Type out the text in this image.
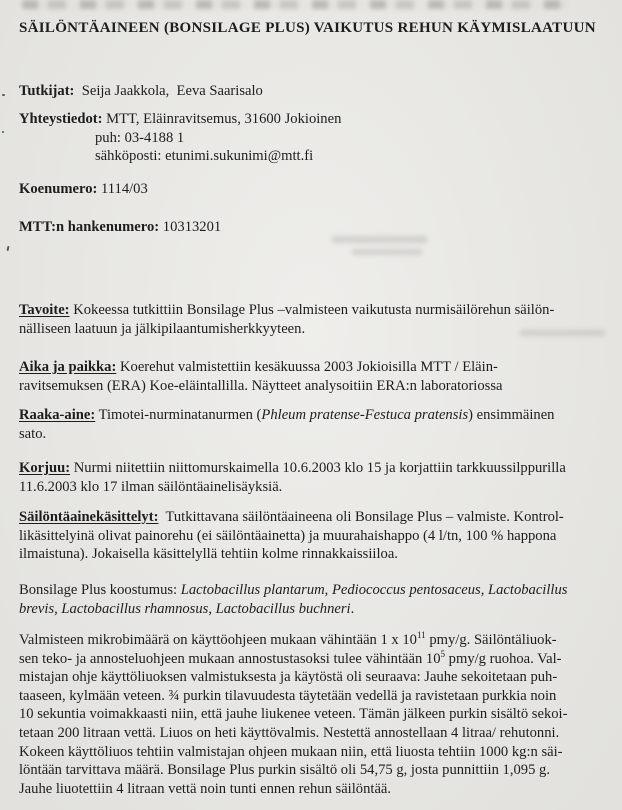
SÄILÖNTÄAINEEN (BONSILAGE PLUS) VAIKUTUS REHUN KÄYMISLAATUUN
Tutkijat:  Seija Jaakkola,  Eeva Saarisalo
Yhteystiedot: MTT, Eläinravitsemus, 31600 Jokioinen
puh: 03-4188 1
sähköposti: etunimi.sukunimi@mtt.fi
Koenumero: 1114/03
MTT:n hankenumero: 10313201
Tavoite: Kokeessa tutkittiin Bonsilage Plus –valmisteen vaikutusta nurmisäilörehun säilön-
nälliseen laatuun ja jälkipilaantumisherkkyyteen.
Aika ja paikka: Koerehut valmistettiin kesäkuussa 2003 Jokioisilla MTT / Eläin-
ravitsemuksen (ERA) Koe-eläintallilla. Näytteet analysoitiin ERA:n laboratoriossa
Raaka-aine: Timotei-nurminatanurmen (Phleum pratense-Festuca pratensis) ensimmäinen
sato.
Korjuu: Nurmi niitettiin niittomurskaimella 10.6.2003 klo 15 ja korjattiin tarkkuussilppurilla
11.6.2003 klo 17 ilman säilöntäainelisäyksiä.
Säilöntäainekäsittelyt:  Tutkittavana säilöntäaineena oli Bonsilage Plus – valmiste. Kontrol-
likäsittelyinä olivat painorehu (ei säilöntäainetta) ja muurahaishappo (4 l/tn, 100 % happona
ilmaistuna). Jokaisella käsittelyllä tehtiin kolme rinnakkaissiiloa.
Bonsilage Plus koostumus: Lactobacillus plantarum, Pediococcus pentosaceus, Lactobacillus
brevis, Lactobacillus rhamnosus, Lactobacillus buchneri.
Valmisteen mikrobimäärä on käyttöohjeen mukaan vähintään 1 x $10^{11}$ pmy/g. Säilöntäliuok-
sen teko- ja annosteluohjeen mukaan annostustasoksi tulee vähintään $10^5$ pmy/g ruohoa. Val-
mistajan ohje käyttöliuoksen valmistuksesta ja käytöstä oli seuraava: Jauhe sekoitetaan puh-
taaseen, kylmään veteen. ¾ purkin tilavuudesta täytetään vedellä ja ravistetaan purkkia noin
10 sekuntia voimakkaasti niin, että jauhe liukenee veteen. Tämän jälkeen purkin sisältö sekoi-
tetaan 200 litraan vettä. Liuos on heti käyttövalmis. Nestettä annostellaan 4 litraa/ rehutonni.
Kokeen käyttöliuos tehtiin valmistajan ohjeen mukaan niin, että liuosta tehtiin 1000 kg:n säi-
löntään tarvittava määrä. Bonsilage Plus purkin sisältö oli 54,75 g, josta punnittiin 1,095 g.
Jauhe liuotettiin 4 litraan vettä noin tunti ennen rehun säilöntää.
